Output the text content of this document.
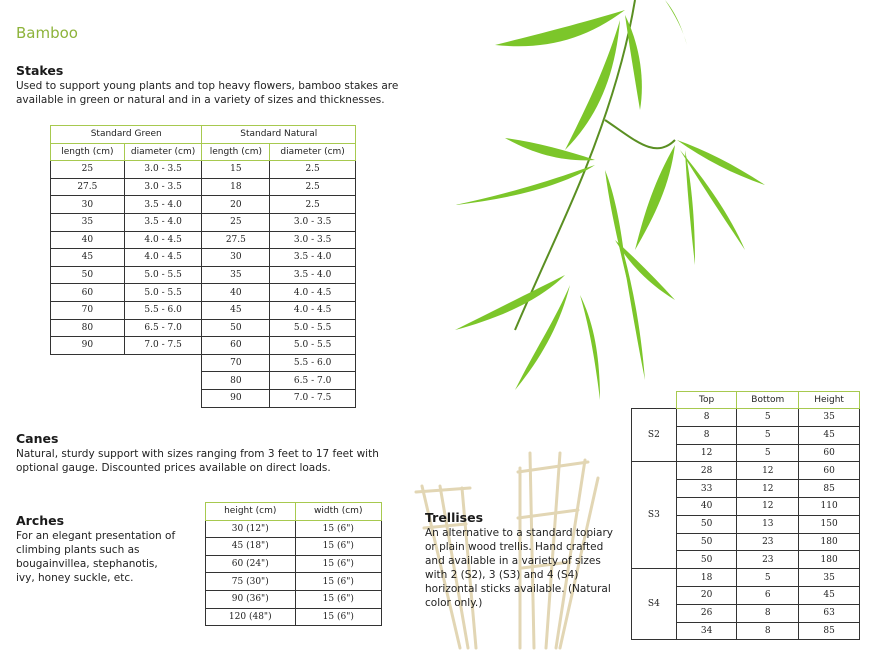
Bamboo
Stakes
Used to support young plants and top heavy flowers, bamboo stakes are available in green or natural and in a variety of sizes and thicknesses.
Standard Green		Standard Natural	
length (cm)	diameter (cm)	length (cm)	diameter (cm)
25	3.0 - 3.5	15	2.5
27.5	3.0 - 3.5	18	2.5
30	3.5 - 4.0	20	2.5
35	3.5 - 4.0	25	3.0 - 3.5
40	4.0 - 4.5	27.5	3.0 - 3.5
45	4.0 - 4.5	30	3.5 - 4.0
50	5.0 - 5.5	35	3.5 - 4.0
60	5.0 - 5.5	40	4.0 - 4.5
70	5.5 - 6.0	45	4.0 - 4.5
80	6.5 - 7.0	50	5.0 - 5.5
90	7.0 - 7.5	60	5.0 - 5.5
		70	5.5 - 6.0
		80	6.5 - 7.0
		90	7.0 - 7.5
Canes
Natural, sturdy support with sizes ranging from 3 feet to 17 feet with optional gauge. Discounted prices available on direct loads.
Arches
For an elegant presentation of climbing plants such as bougainvillea, stephanotis, ivy, honey suckle, etc.
height (cm)	width (cm)
30 (12")	15 (6")
45 (18")	15 (6")
60 (24")	15 (6")
75 (30")	15 (6")
90 (36")	15 (6")
120 (48")	15 (6")
Trellises
An alternative to a standard topiary or plain wood trellis. Hand crafted and available in a variety of sizes with 2 (S2), 3 (S3) and 4 (S4) horizontal sticks available. (Natural color only.)
	Top	Bottom	Height
S2	8	5	35
	8	5	45
	12	5	60
S3	28	12	60
	33	12	85
	40	12	110
	50	13	150
	50	23	180
	50	23	180
S4	18	5	35
	20	6	45
	26	8	63
	34	8	85
